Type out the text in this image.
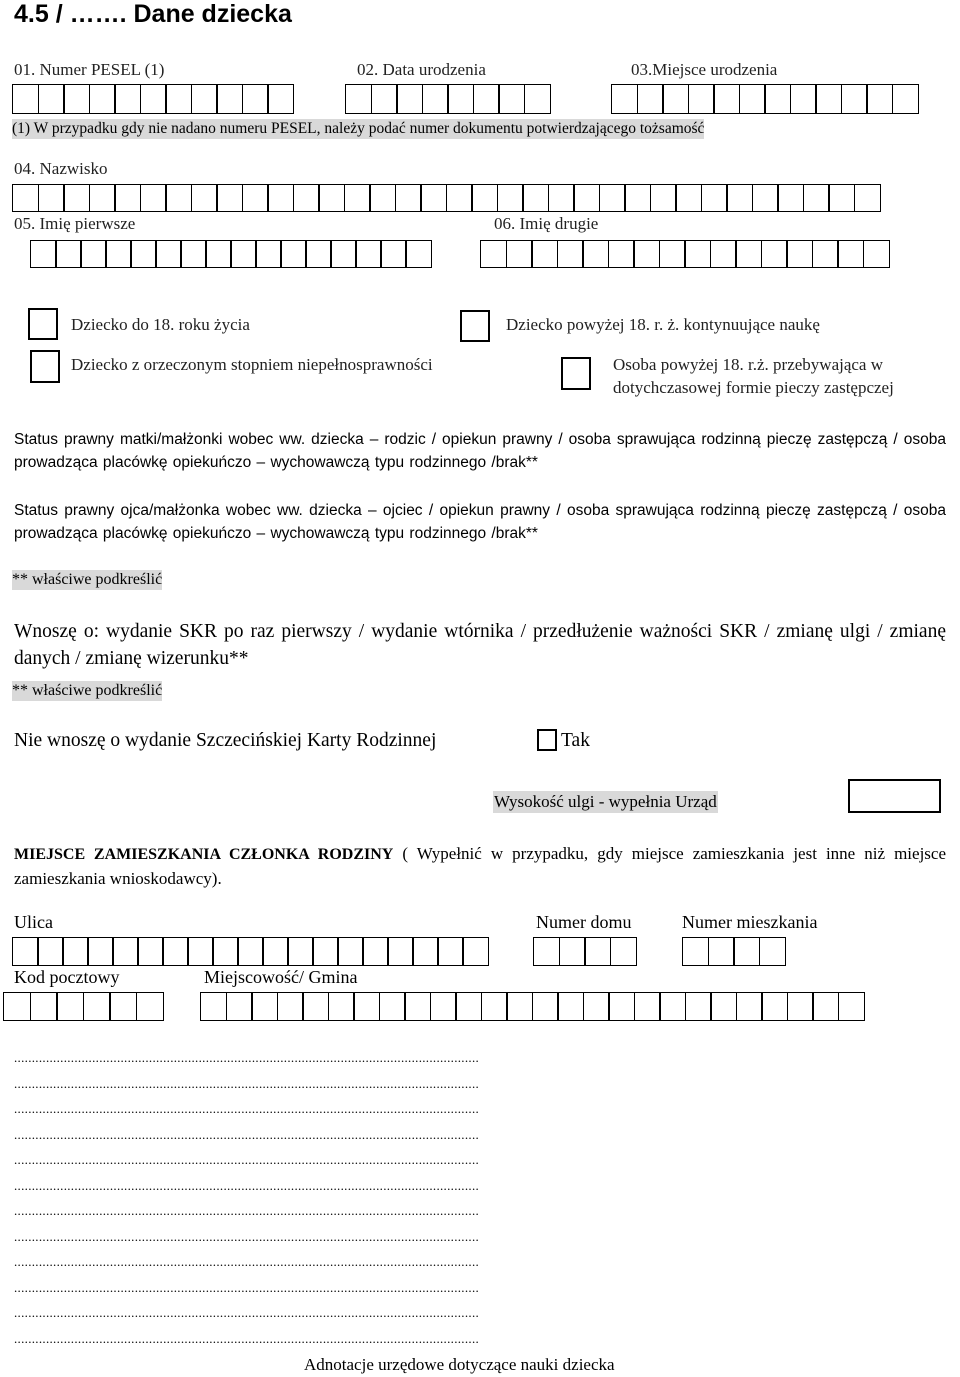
4.5 / ……. Dane dziecka
01. Numer PESEL (1)	02. Data urodzenia	03.Miejsce urodzenia
(1) W przypadku gdy nie nadano numeru PESEL, należy podać numer dokumentu potwierdzającego tożsamość
04. Nazwisko
05. Imię pierwsze	06. Imię drugie
Dziecko do 18. roku życia	Dziecko powyżej 18. r. ż. kontynuujące naukę
Dziecko z orzeczonym stopniem niepełnosprawności	Osoba powyżej 18. r.ż. przebywająca w
dotychczasowej formie pieczy zastępczej
Status prawny matki/małżonki wobec ww. dziecka – rodzic / opiekun prawny / osoba sprawująca rodzinną pieczę zastępczą / osoba prowadząca placówkę opiekuńczo – wychowawczą typu rodzinnego /brak**
Status prawny ojca/małżonka wobec ww. dziecka – ojciec / opiekun prawny / osoba sprawująca rodzinną pieczę zastępczą / osoba prowadząca placówkę opiekuńczo – wychowawczą typu rodzinnego /brak**
** właściwe podkreślić
Wnoszę o: wydanie SKR po raz pierwszy / wydanie wtórnika / przedłużenie ważności SKR / zmianę ulgi / zmianę danych / zmianę wizerunku**
** właściwe podkreślić
Nie wnoszę o wydanie Szczecińskiej Karty Rodzinnej	Tak
Wysokość ulgi - wypełnia Urząd
MIEJSCE ZAMIESZKANIA CZŁONKA RODZINY ( Wypełnić w przypadku, gdy miejsce zamieszkania jest inne niż miejsce zamieszkania wnioskodawcy).
Ulica	Numer domu	Numer mieszkania
Kod pocztowy	Miejscowość/ Gmina
...................................................................................................................................
...................................................................................................................................
...................................................................................................................................
...................................................................................................................................
...................................................................................................................................
...................................................................................................................................
...................................................................................................................................
...................................................................................................................................
...................................................................................................................................
...................................................................................................................................
...................................................................................................................................
...................................................................................................................................
Adnotacje urzędowe dotyczące nauki dziecka
